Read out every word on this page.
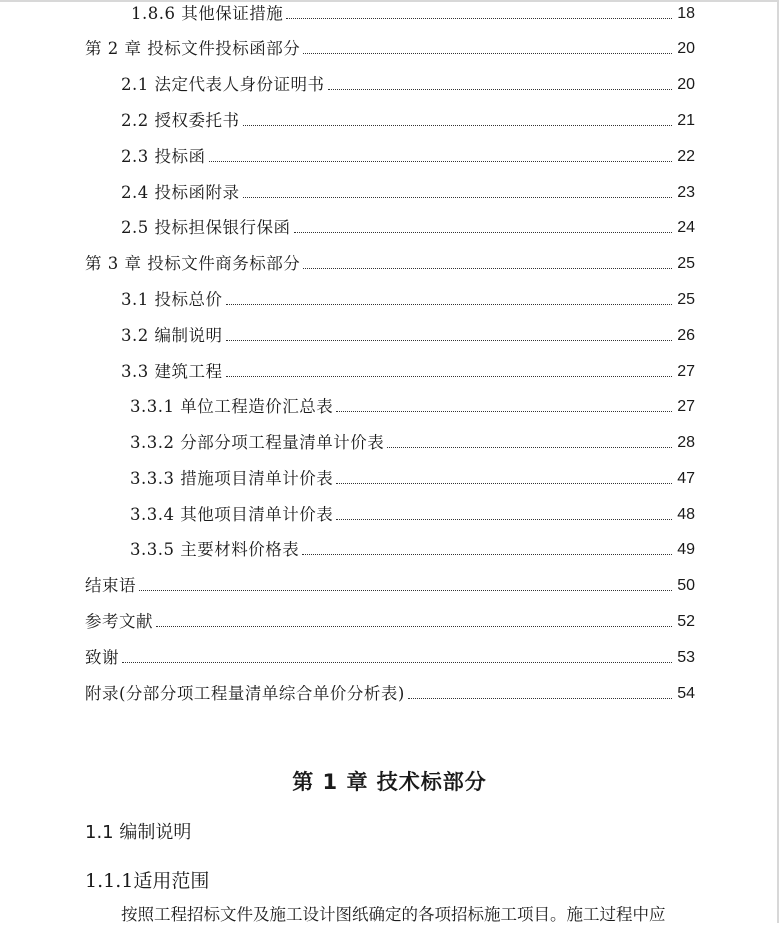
1.8.6 其他保证措施	18
第 2 章 投标文件投标函部分	20
2.1 法定代表人身份证明书	20
2.2 授权委托书	21
2.3 投标函	22
2.4 投标函附录	23
2.5 投标担保银行保函	24
第 3 章 投标文件商务标部分	25
3.1 投标总价	25
3.2 编制说明	26
3.3 建筑工程	27
3.3.1 单位工程造价汇总表	27
3.3.2 分部分项工程量清单计价表	28
3.3.3 措施项目清单计价表	47
3.3.4 其他项目清单计价表	48
3.3.5 主要材料价格表	49
结束语	50
参考文献	52
致谢	53
附录(分部分项工程量清单综合单价分析表)	54
第 1 章 技术标部分
1.1 编制说明
1.1.1适用范围
按照工程招标文件及施工设计图纸确定的各项招标施工项目。施工过程中应
